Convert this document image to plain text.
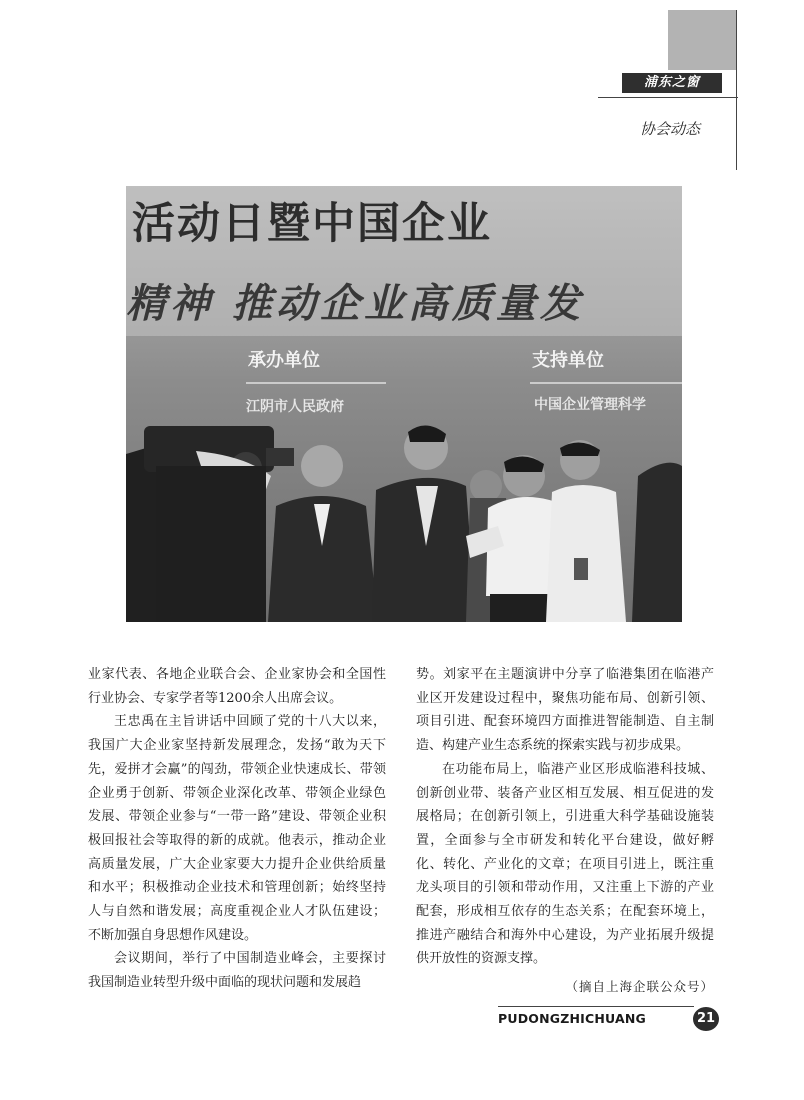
浦东之窗
协会动态
活动日暨中国企业
精神 推动企业高质量发
承办单位	支持单位
江阴市人民政府	中国企业管理科学

业家代表、各地企业联合会、企业家协会和全国性行业协会、专家学者等1200余人出席会议。

王忠禹在主旨讲话中回顾了党的十八大以来，我国广大企业家坚持新发展理念，发扬“敢为天下先，爱拼才会赢”的闯劲，带领企业快速成长、带领企业勇于创新、带领企业深化改革、带领企业绿色发展、带领企业参与“一带一路”建设、带领企业积极回报社会等取得的新的成就。他表示，推动企业高质量发展，广大企业家要大力提升企业供给质量和水平；积极推动企业技术和管理创新；始终坚持人与自然和谐发展；高度重视企业人才队伍建设；不断加强自身思想作风建设。

会议期间，举行了中国制造业峰会，主要探讨我国制造业转型升级中面临的现状问题和发展趋

势。刘家平在主题演讲中分享了临港集团在临港产业区开发建设过程中，聚焦功能布局、创新引领、项目引进、配套环境四方面推进智能制造、自主制造、构建产业生态系统的探索实践与初步成果。

在功能布局上，临港产业区形成临港科技城、创新创业带、装备产业区相互发展、相互促进的发展格局；在创新引领上，引进重大科学基础设施装置，全面参与全市研发和转化平台建设，做好孵化、转化、产业化的文章；在项目引进上，既注重龙头项目的引领和带动作用，又注重上下游的产业配套，形成相互依存的生态关系；在配套环境上，推进产融结合和海外中心建设，为产业拓展升级提供开放性的资源支撑。

（摘自上海企联公众号）

PUDONGZHICHUANG	21
